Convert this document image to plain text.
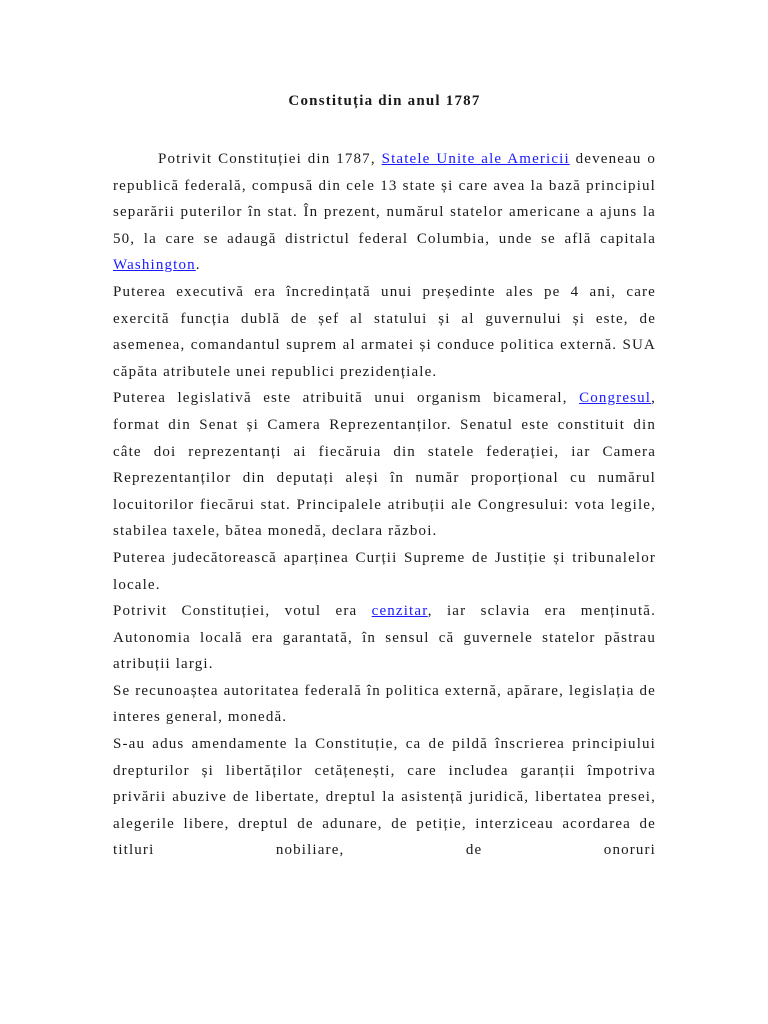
Constituția din anul 1787

Potrivit Constituției din 1787, Statele Unite ale Americii deveneau o republică federală, compusă din cele 13 state și care avea la bază principiul separării puterilor în stat. În prezent, numărul statelor americane a ajuns la 50, la care se adaugă districtul federal Columbia, unde se află capitala Washington.

Puterea executivă era încredințată unui președinte ales pe 4 ani, care exercită funcția dublă de șef al statului și al guvernului și este, de asemenea, comandantul suprem al armatei și conduce politica externă. SUA căpăta atributele unei republici prezidențiale.

Puterea legislativă este atribuită unui organism bicameral, Congresul, format din Senat și Camera Reprezentanților. Senatul este constituit din câte doi reprezentanți ai fiecăruia din statele federației, iar Camera Reprezentanților din deputați aleși în număr proporțional cu numărul locuitorilor fiecărui stat. Principalele atribuții ale Congresului: vota legile, stabilea taxele, bătea monedă, declara război.

Puterea judecătorească aparținea Curții Supreme de Justiție și tribunalelor locale.

Potrivit Constituției, votul era cenzitar, iar sclavia era menținută. Autonomia locală era garantată, în sensul că guvernele statelor păstrau atribuții largi.

Se recunoaștea autoritatea federală în politica externă, apărare, legislația de interes general, monedă.

S-au adus amendamente la Constituție, ca de pildă înscrierea principiului drepturilor și libertăților cetățenești, care includea garanții împotriva privării abuzive de libertate, dreptul la asistență juridică, libertatea presei, alegerile libere, dreptul de adunare, de petiție, interziceau acordarea de titluri nobiliare, de onoruri
